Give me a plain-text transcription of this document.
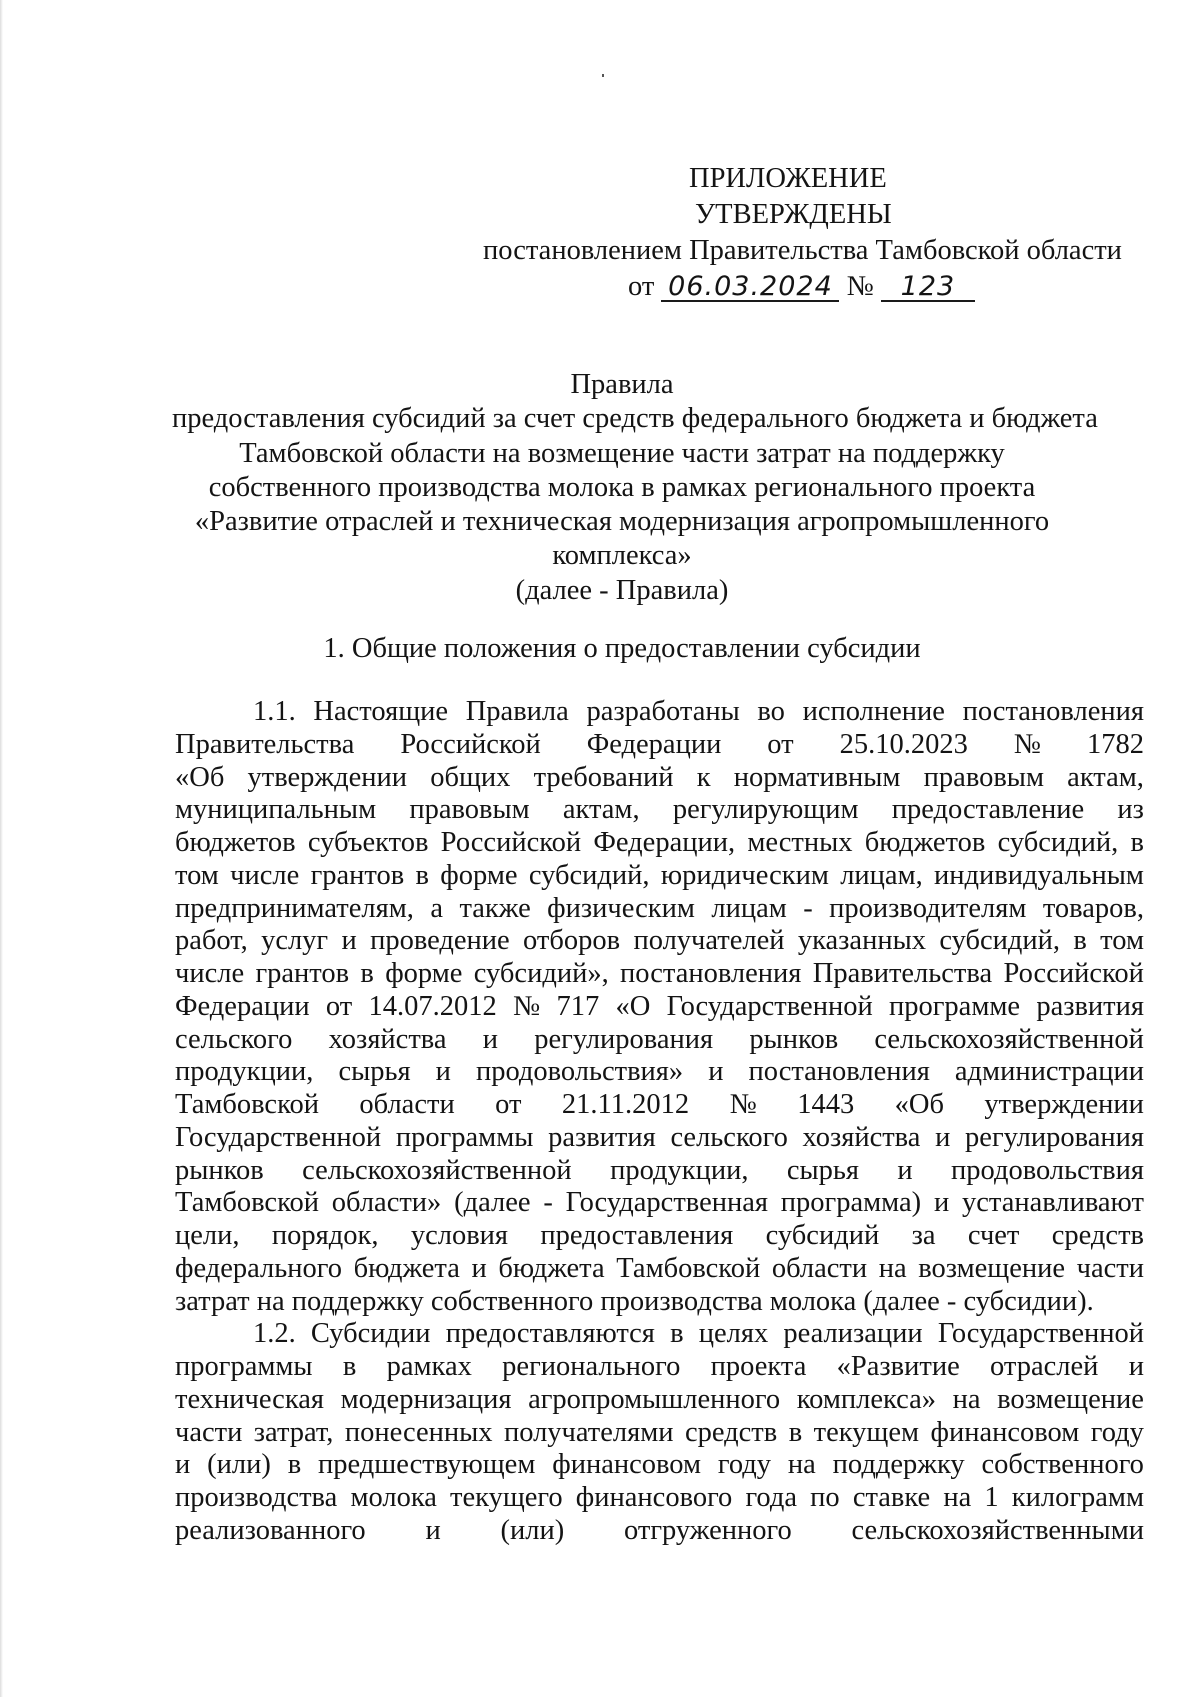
ПРИЛОЖЕНИЕ
УТВЕРЖДЕНЫ
постановлением Правительства Тамбовской области
от 06.03.2024 № 123
Правила
предоставления субсидий за счет средств федерального бюджета и бюджета
Тамбовской области на возмещение части затрат на поддержку
собственного производства молока в рамках регионального проекта
«Развитие отраслей и техническая модернизация агропромышленного
комплекса»
(далее - Правила)
1. Общие положения о предоставлении субсидии
1.1. Настоящие Правила разработаны во исполнение постановления
Правительства Российской Федерации от 25.10.2023 № 1782
«Об утверждении общих требований к нормативным правовым актам,
муниципальным правовым актам, регулирующим предоставление из
бюджетов субъектов Российской Федерации, местных бюджетов субсидий, в
том числе грантов в форме субсидий, юридическим лицам, индивидуальным
предпринимателям, а также физическим лицам - производителям товаров,
работ, услуг и проведение отборов получателей указанных субсидий, в том
числе грантов в форме субсидий», постановления Правительства Российской
Федерации от 14.07.2012 № 717 «О Государственной программе развития
сельского хозяйства и регулирования рынков сельскохозяйственной
продукции, сырья и продовольствия» и постановления администрации
Тамбовской области от 21.11.2012 № 1443 «Об утверждении
Государственной программы развития сельского хозяйства и регулирования
рынков сельскохозяйственной продукции, сырья и продовольствия
Тамбовской области» (далее - Государственная программа) и устанавливают
цели, порядок, условия предоставления субсидий за счет средств
федерального бюджета и бюджета Тамбовской области на возмещение части
затрат на поддержку собственного производства молока (далее - субсидии).
1.2. Субсидии предоставляются в целях реализации Государственной
программы в рамках регионального проекта «Развитие отраслей и
техническая модернизация агропромышленного комплекса» на возмещение
части затрат, понесенных получателями средств в текущем финансовом году
и (или) в предшествующем финансовом году на поддержку собственного
производства молока текущего финансового года по ставке на 1 килограмм
реализованного и (или) отгруженного сельскохозяйственными
